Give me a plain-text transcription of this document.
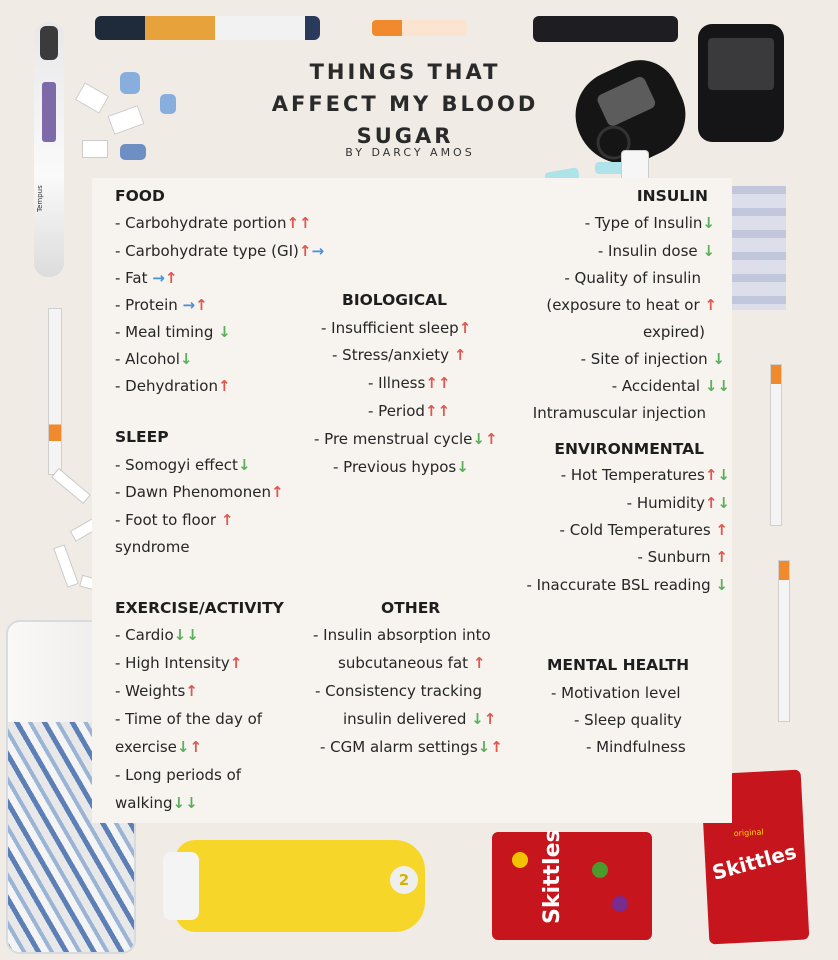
Tempus
2	Skittles	original
Skittles
THINGS THAT
AFFECT MY BLOOD
SUGAR
BY DARCY AMOS
FOOD
- Carbohydrate portion↑↑
- Carbohydrate type (GI)↑→
- Fat →↑
- Protein →↑
- Meal timing ↓
- Alcohol↓
- Dehydration↑
SLEEP
- Somogyi effect↓
- Dawn Phenomonen↑
- Foot to floor ↑
syndrome
EXERCISE/ACTIVITY
- Cardio↓↓
- High Intensity↑
- Weights↑
- Time of the day of
exercise↓↑
- Long periods of
walking↓↓
BIOLOGICAL
- Insufficient sleep↑
- Stress/anxiety ↑
- Illness↑↑
- Period↑↑
- Pre menstrual cycle↓↑
- Previous hypos↓
OTHER
- Insulin absorption into
subcutaneous fat ↑
- Consistency tracking
insulin delivered ↓↑
- CGM alarm settings↓↑
INSULIN
- Type of Insulin↓
- Insulin dose ↓
- Quality of insulin
(exposure to heat or ↑
expired)
- Site of injection ↓
- Accidental ↓↓
Intramuscular injection
ENVIRONMENTAL
- Hot Temperatures↑↓
- Humidity↑↓
- Cold Temperatures ↑
- Sunburn ↑
- Inaccurate BSL reading ↓
MENTAL HEALTH
- Motivation level
- Sleep quality
- Mindfulness
